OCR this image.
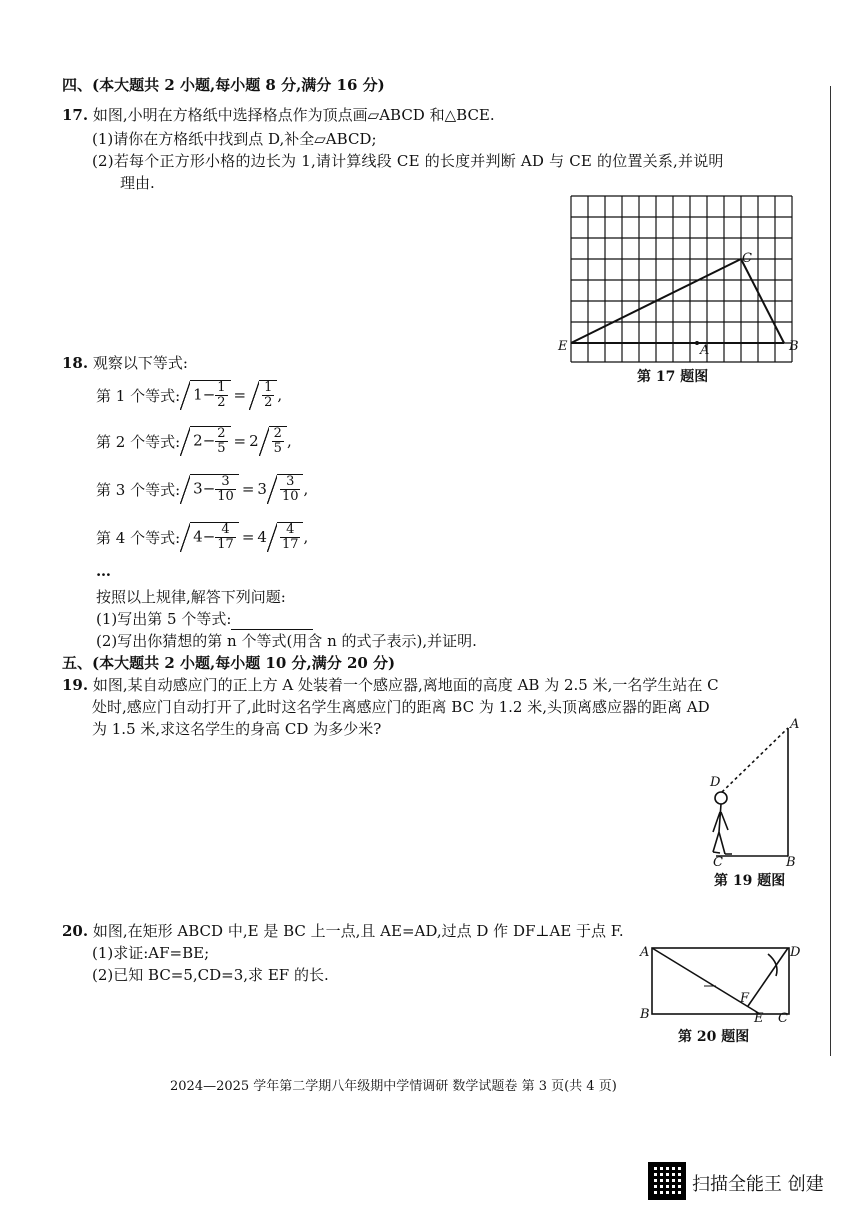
四、(本大题共 2 小题,每小题 8 分,满分 16 分)
17. 如图,小明在方格纸中选择格点作为顶点画▱ABCD 和△BCE.
(1)请你在方格纸中找到点 D,补全▱ABCD;
(2)若每个正方形小格的边长为 1,请计算线段 CE 的长度并判断 AD 与 CE 的位置关系,并说明
理由.
C
E	A	B
第 17 题图
18. 观察以下等式:
第 1 个等式: $1- \frac{1}{2} = \frac{1}{2}$ ,
第 2 个等式: $2- \frac{2}{5} = 2 \frac{2}{5}$ ,
第 3 个等式: $3- \frac{3}{10} = 3 \frac{3}{10}$ ,
第 4 个等式: $4- \frac{4}{17} = 4 \frac{4}{17}$ ,
…
按照以上规律,解答下列问题:
(1)写出第 5 个等式:
(2)写出你猜想的第 n 个等式(用含 n 的式子表示),并证明.
五、(本大题共 2 小题,每小题 10 分,满分 20 分)
19. 如图,某自动感应门的正上方 A 处装着一个感应器,离地面的高度 AB 为 2.5 米,一名学生站在 C
处时,感应门自动打开了,此时这名学生离感应门的距离 BC 为 1.2 米,头顶离感应器的距离 AD
为 1.5 米,求这名学生的身高 CD 为多少米?	A
D
C	B
第 19 题图
20. 如图,在矩形 ABCD 中,E 是 BC 上一点,且 AE=AD,过点 D 作 DF⊥AE 于点 F.
(1)求证:AF=BE;
(2)已知 BC=5,CD=3,求 EF 的长.
A	D
B
F
E C
第 20 题图
2024—2025 学年第二学期八年级期中学情调研 数学试题卷 第 3 页(共 4 页)
扫描全能王 创建
